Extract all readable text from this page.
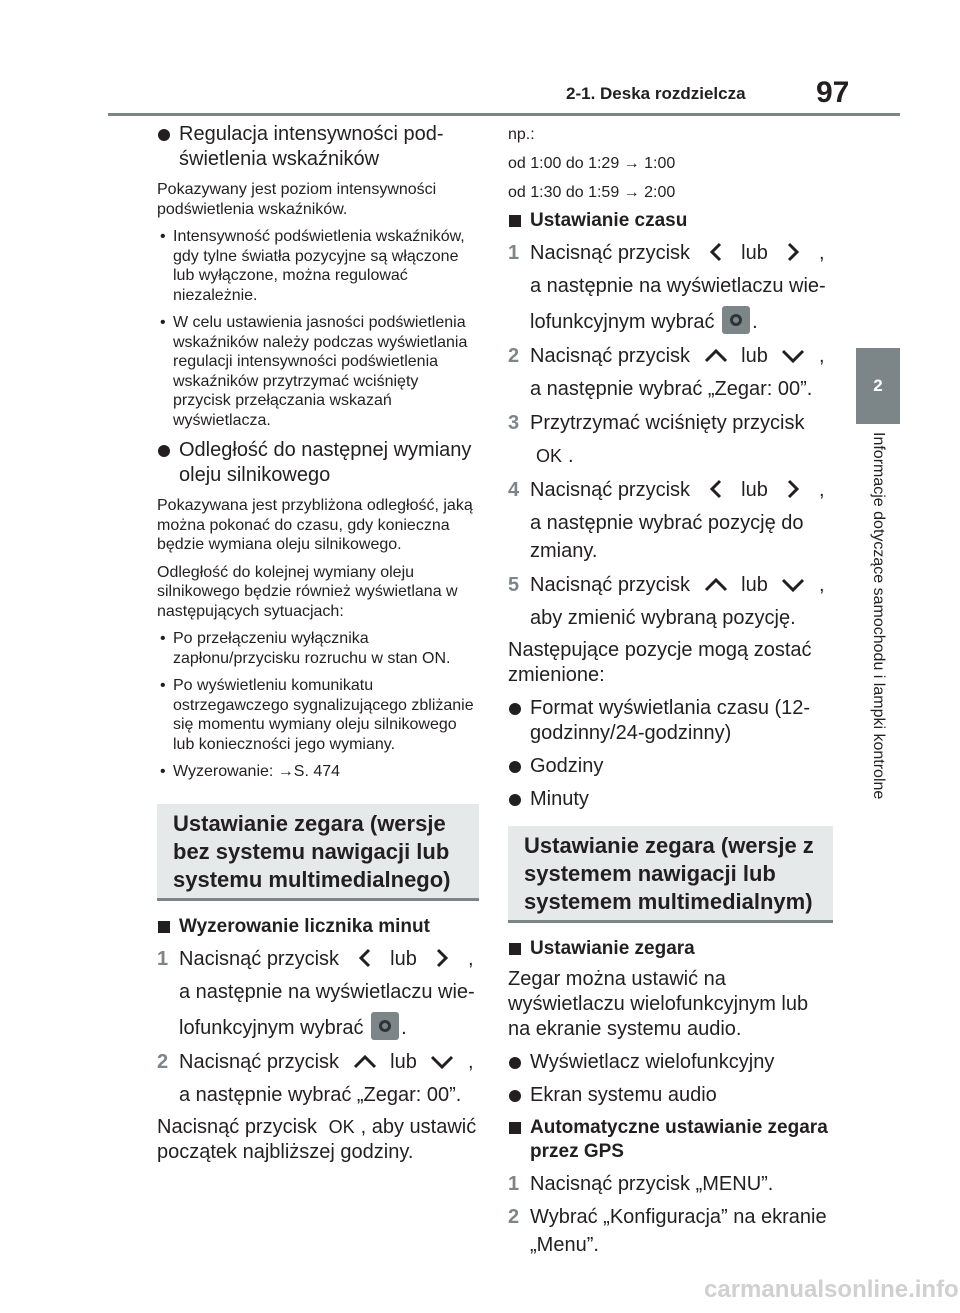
2-1. Deska rozdzielcza 97
2
Informacje dotyczące samochodu i lampki kontrolne
Regulacja intensywności pod-świetlenia wskaźników
Pokazywany jest poziom intensywności podświetlenia wskaźników.
• Intensywność podświetlenia wskaźników, gdy tylne światła pozycyjne są włączone lub wyłączone, można regulować niezależnie.
• W celu ustawienia jasności podświetlenia wskaźników należy podczas wyświetlania regulacji intensywności podświetlenia wskaźników przytrzymać wciśnięty przycisk przełączania wskazań wyświetlacza.
Odległość do następnej wymiany oleju silnikowego
Pokazywana jest przybliżona odległość, jaką można pokonać do czasu, gdy konieczna będzie wymiana oleju silnikowego.
Odległość do kolejnej wymiany oleju silnikowego będzie również wyświetlana w następujących sytuacjach:
• Po przełączeniu wyłącznika zapłonu/przycisku rozruchu w stan ON.
• Po wyświetleniu komunikatu ostrzegawczego sygnalizującego zbliżanie się momentu wymiany oleju silnikowego lub konieczności jego wymiany.
• Wyzerowanie: →S. 474
Ustawianie zegara (wersje bez systemu nawigacji lub systemu multimedialnego)
Wyzerowanie licznika minut
1 Nacisnąć przycisk	lub	,
a następnie na wyświetlaczu wie-
lofunkcyjnym wybrać .
2 Nacisnąć przycisk	lub	,
a następnie wybrać „Zegar: 00”.
Nacisnąć przycisk OK , aby ustawić początek najbliższej godziny.
np.:
od 1:00 do 1:29 → 1:00
od 1:30 do 1:59 → 2:00
Ustawianie czasu
1 Nacisnąć przycisk	lub	,
a następnie na wyświetlaczu wie-
lofunkcyjnym wybrać .
2 Nacisnąć przycisk	lub	,
a następnie wybrać „Zegar: 00”.
3 Przytrzymać wciśnięty przycisk
OK .
4 Nacisnąć przycisk	lub	,
a następnie wybrać pozycję do zmiany.
5 Nacisnąć przycisk	lub	,
aby zmienić wybraną pozycję.
Następujące pozycje mogą zostać zmienione:
Format wyświetlania czasu (12-godzinny/24-godzinny)
Godziny
Minuty
Ustawianie zegara (wersje z systemem nawigacji lub systemem multimedialnym)
Ustawianie zegara
Zegar można ustawić na wyświetlaczu wielofunkcyjnym lub na ekranie systemu audio.
Wyświetlacz wielofunkcyjny
Ekran systemu audio
Automatyczne ustawianie zegara przez GPS
1 Nacisnąć przycisk „MENU”.
2 Wybrać „Konfiguracja” na ekranie „Menu”.
carmanualsonline.info
